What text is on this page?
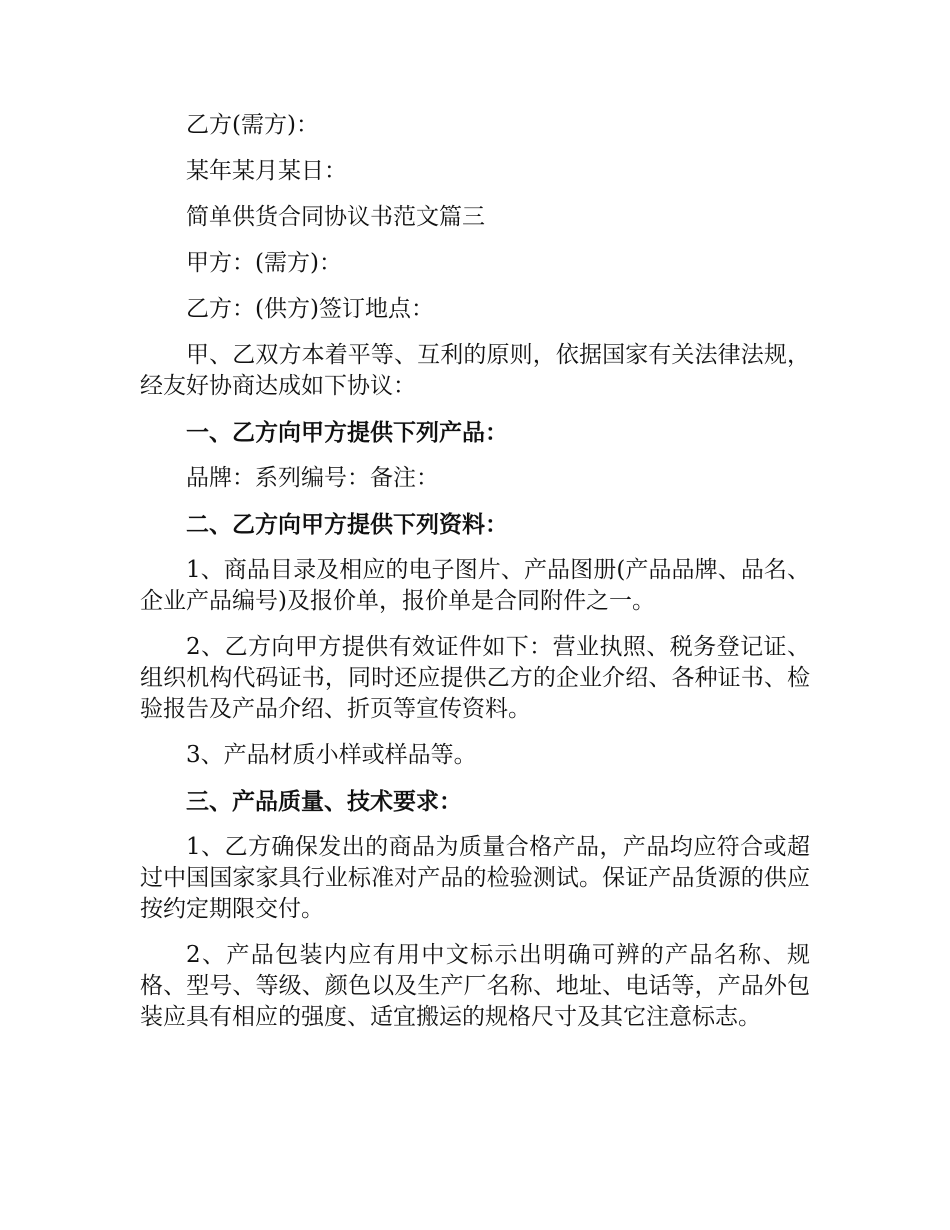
乙方(需方)：

某年某月某日：

简单供货合同协议书范文篇三

甲方：(需方)：

乙方：(供方)签订地点：

甲、乙双方本着平等、互利的原则，依据国家有关法律法规，经友好协商达成如下协议：

一、乙方向甲方提供下列产品：

品牌：系列编号：备注：

二、乙方向甲方提供下列资料：

1、商品目录及相应的电子图片、产品图册(产品品牌、品名、企业产品编号)及报价单，报价单是合同附件之一。

2、乙方向甲方提供有效证件如下：营业执照、税务登记证、组织机构代码证书，同时还应提供乙方的企业介绍、各种证书、检验报告及产品介绍、折页等宣传资料。

3、产品材质小样或样品等。

三、产品质量、技术要求：

1、乙方确保发出的商品为质量合格产品，产品均应符合或超过中国国家家具行业标准对产品的检验测试。保证产品货源的供应按约定期限交付。

2、产品包装内应有用中文标示出明确可辨的产品名称、规格、型号、等级、颜色以及生产厂名称、地址、电话等，产品外包装应具有相应的强度、适宜搬运的规格尺寸及其它注意标志。
